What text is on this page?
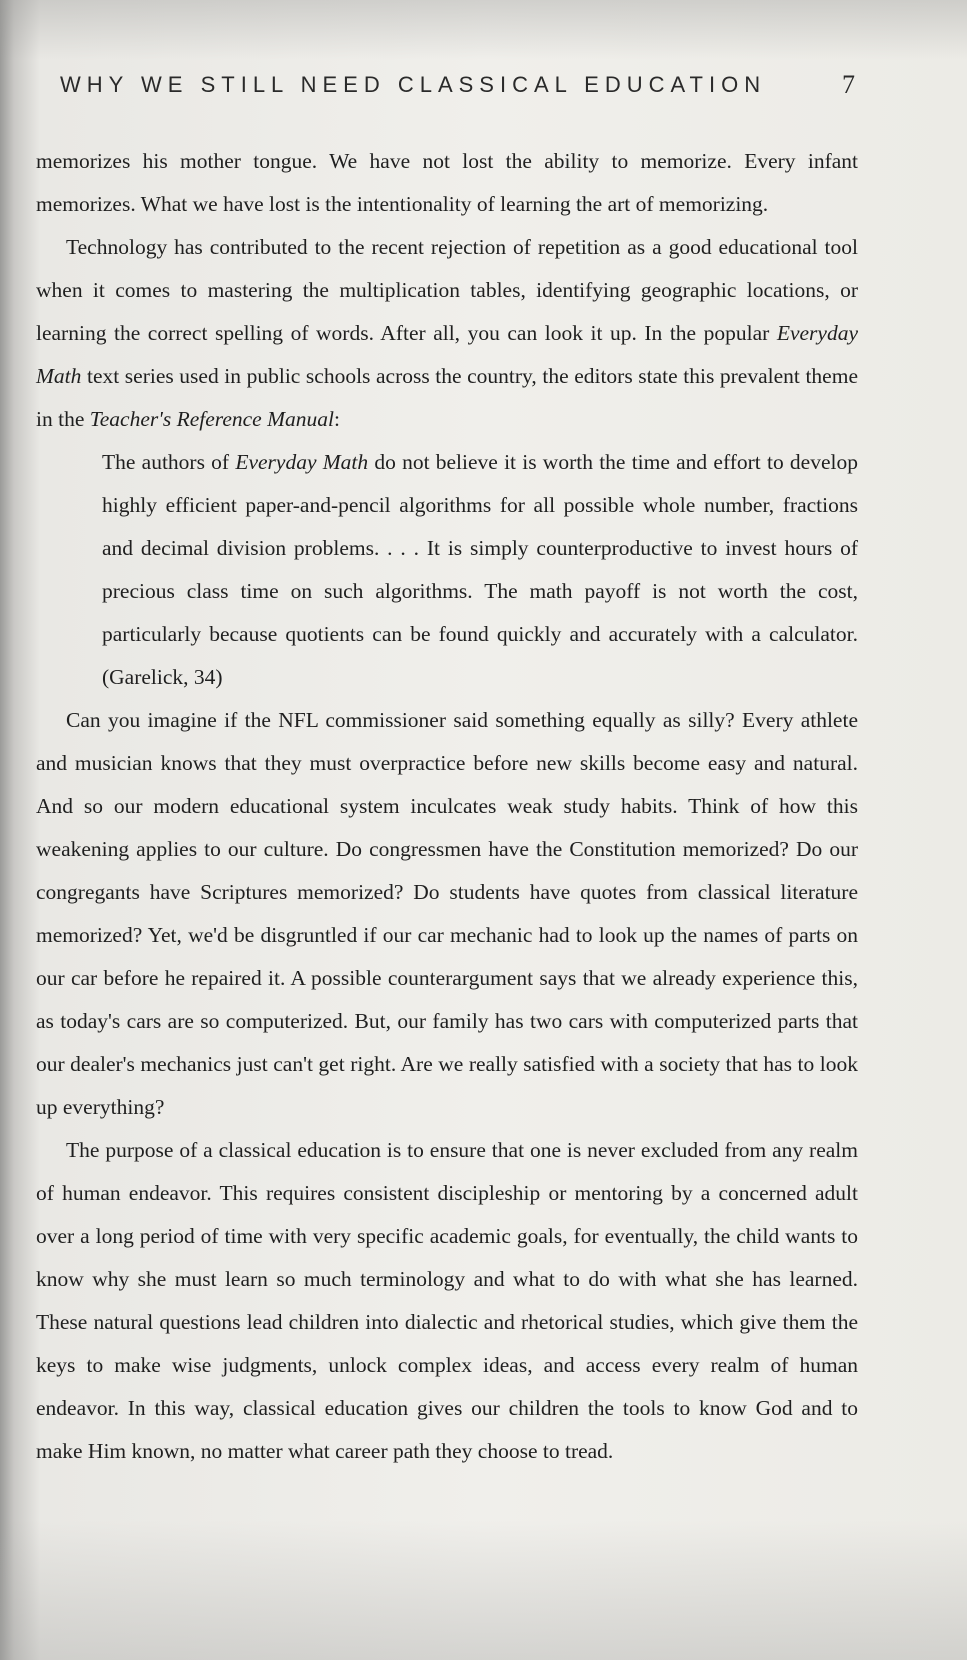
WHY WE STILL NEED CLASSICAL EDUCATION	7

memorizes his mother tongue. We have not lost the ability to memorize. Every infant memorizes. What we have lost is the intentionality of learning the art of memorizing.

Technology has contributed to the recent rejection of repetition as a good educational tool when it comes to mastering the multiplication tables, identifying geographic locations, or learning the correct spelling of words. After all, you can look it up. In the popular Everyday Math text series used in public schools across the country, the editors state this prevalent theme in the Teacher's Reference Manual:

The authors of Everyday Math do not believe it is worth the time and effort to develop highly efficient paper-and-pencil algorithms for all possible whole number, fractions and decimal division problems. . . . It is simply counterproductive to invest hours of precious class time on such algorithms. The math payoff is not worth the cost, particularly because quotients can be found quickly and accurately with a calculator. (Garelick, 34)

Can you imagine if the NFL commissioner said something equally as silly? Every athlete and musician knows that they must overpractice before new skills become easy and natural. And so our modern educational system inculcates weak study habits. Think of how this weakening applies to our culture. Do congressmen have the Constitution memorized? Do our congregants have Scriptures memorized? Do students have quotes from classical literature memorized? Yet, we'd be disgruntled if our car mechanic had to look up the names of parts on our car before he repaired it. A possible counterargument says that we already experience this, as today's cars are so computerized. But, our family has two cars with computerized parts that our dealer's mechanics just can't get right. Are we really satisfied with a society that has to look up everything?

The purpose of a classical education is to ensure that one is never excluded from any realm of human endeavor. This requires consistent discipleship or mentoring by a concerned adult over a long period of time with very specific academic goals, for eventually, the child wants to know why she must learn so much terminology and what to do with what she has learned. These natural questions lead children into dialectic and rhetorical studies, which give them the keys to make wise judgments, unlock complex ideas, and access every realm of human endeavor. In this way, classical education gives our children the tools to know God and to make Him known, no matter what career path they choose to tread.
